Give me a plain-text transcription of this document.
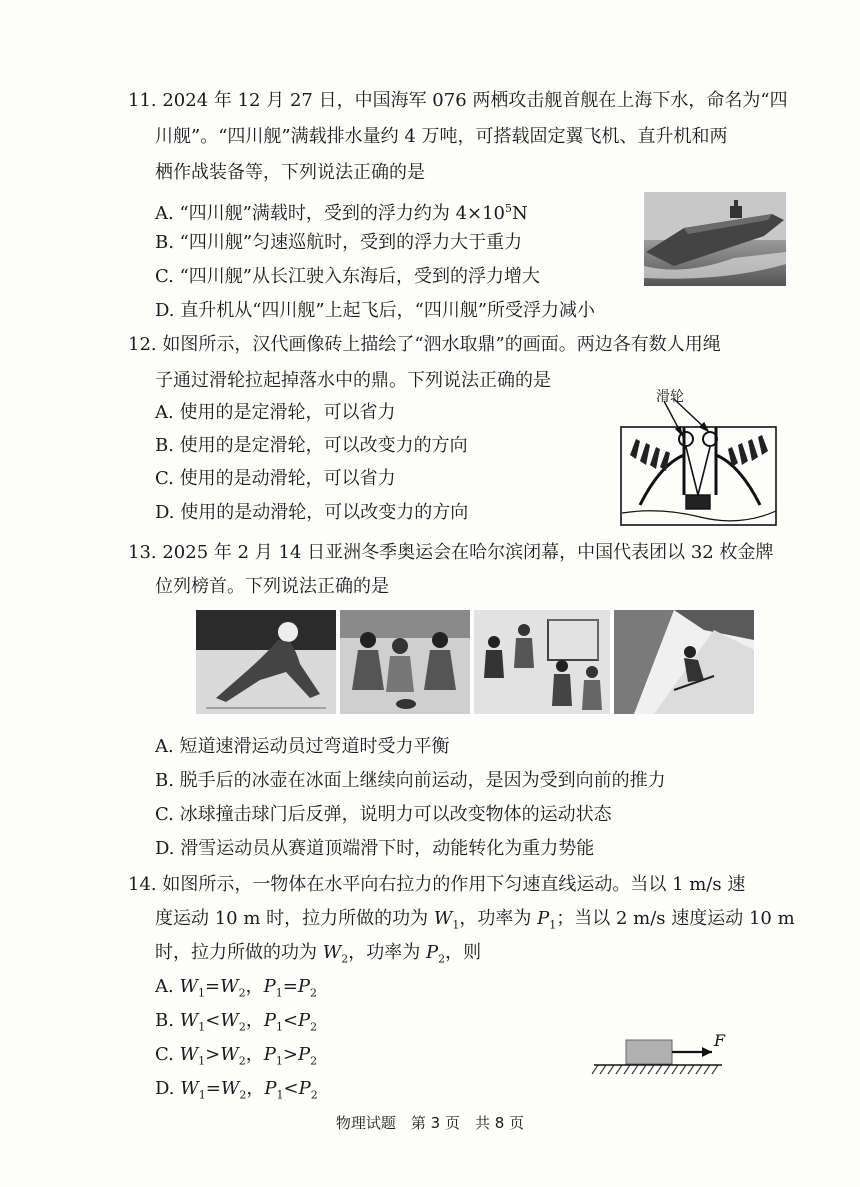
11. 2024 年 12 月 27 日，中国海军 076 两栖攻击舰首舰在上海下水，命名为“四
川舰”。“四川舰”满载排水量约 4 万吨，可搭载固定翼飞机、直升机和两
栖作战装备等，下列说法正确的是
A. “四川舰”满载时，受到的浮力约为 $4\times 10^5N$
B. “四川舰”匀速巡航时，受到的浮力大于重力
C. “四川舰”从长江驶入东海后，受到的浮力增大
D. 直升机从“四川舰”上起飞后，“四川舰”所受浮力减小
12. 如图所示，汉代画像砖上描绘了“泗水取鼎”的画面。两边各有数人用绳
子通过滑轮拉起掉落水中的鼎。下列说法正确的是
A. 使用的是定滑轮，可以省力
B. 使用的是定滑轮，可以改变力的方向
C. 使用的是动滑轮，可以省力
D. 使用的是动滑轮，可以改变力的方向
滑轮
13. 2025 年 2 月 14 日亚洲冬季奥运会在哈尔滨闭幕，中国代表团以 32 枚金牌
位列榜首。下列说法正确的是
A. 短道速滑运动员过弯道时受力平衡
B. 脱手后的冰壶在冰面上继续向前运动，是因为受到向前的推力
C. 冰球撞击球门后反弹，说明力可以改变物体的运动状态
D. 滑雪运动员从赛道顶端滑下时，动能转化为重力势能
14. 如图所示，一物体在水平向右拉力的作用下匀速直线运动。当以 1 m/s 速
度运动 10 m 时，拉力所做的功为 $W_1$，功率为 $P_1$；当以 2 m/s 速度运动 10 m
时，拉力所做的功为 $W_2$，功率为 $P_2$，则
A. $W_1=W_2$，$P_1=P_2$
B. $W_1<W_2$，$P_1<P_2$
C. $W_1>W_2$，$P_1>P_2$
D. $W_1=W_2$，$P_1<P_2$
F
物理试题　第 3 页　共 8 页
